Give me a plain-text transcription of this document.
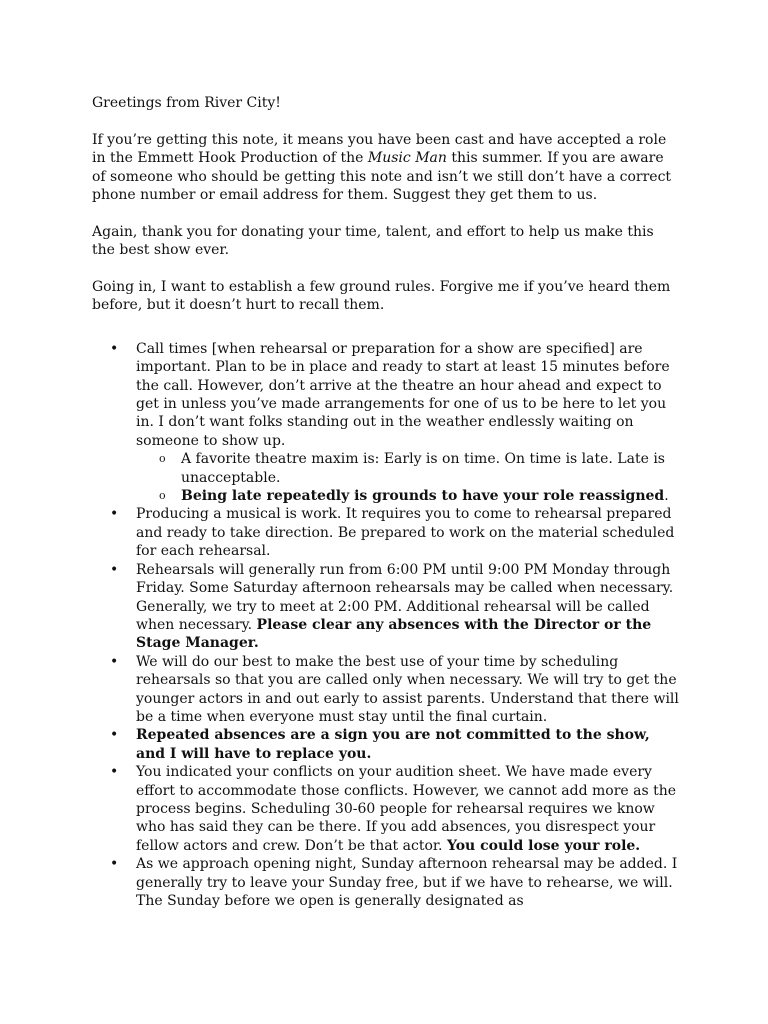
Greetings from River City!

If you’re getting this note, it means you have been cast and have accepted a role in the Emmett Hook Production of the Music Man this summer. If you are aware of someone who should be getting this note and isn’t we still don’t have a correct phone number or email address for them. Suggest they get them to us.

Again, thank you for donating your time, talent, and effort to help us make this the best show ever.

Going in, I want to establish a few ground rules. Forgive me if you’ve heard them before, but it doesn’t hurt to recall them.

• Call times [when rehearsal or preparation for a show are specified] are important. Plan to be in place and ready to start at least 15 minutes before the call. However, don’t arrive at the theatre an hour ahead and expect to get in unless you’ve made arrangements for one of us to be here to let you in. I don’t want folks standing out in the weather endlessly waiting on someone to show up.
o A favorite theatre maxim is: Early is on time. On time is late. Late is unacceptable.
o Being late repeatedly is grounds to have your role reassigned.
• Producing a musical is work. It requires you to come to rehearsal prepared and ready to take direction. Be prepared to work on the material scheduled for each rehearsal.
• Rehearsals will generally run from 6:00 PM until 9:00 PM Monday through Friday. Some Saturday afternoon rehearsals may be called when necessary. Generally, we try to meet at 2:00 PM. Additional rehearsal will be called when necessary. Please clear any absences with the Director or the Stage Manager.
• We will do our best to make the best use of your time by scheduling rehearsals so that you are called only when necessary. We will try to get the younger actors in and out early to assist parents. Understand that there will be a time when everyone must stay until the final curtain.
• Repeated absences are a sign you are not committed to the show, and I will have to replace you.
• You indicated your conflicts on your audition sheet. We have made every effort to accommodate those conflicts. However, we cannot add more as the process begins. Scheduling 30-60 people for rehearsal requires we know who has said they can be there. If you add absences, you disrespect your fellow actors and crew. Don’t be that actor. You could lose your role.
• As we approach opening night, Sunday afternoon rehearsal may be added. I generally try to leave your Sunday free, but if we have to rehearse, we will. The Sunday before we open is generally designated as
